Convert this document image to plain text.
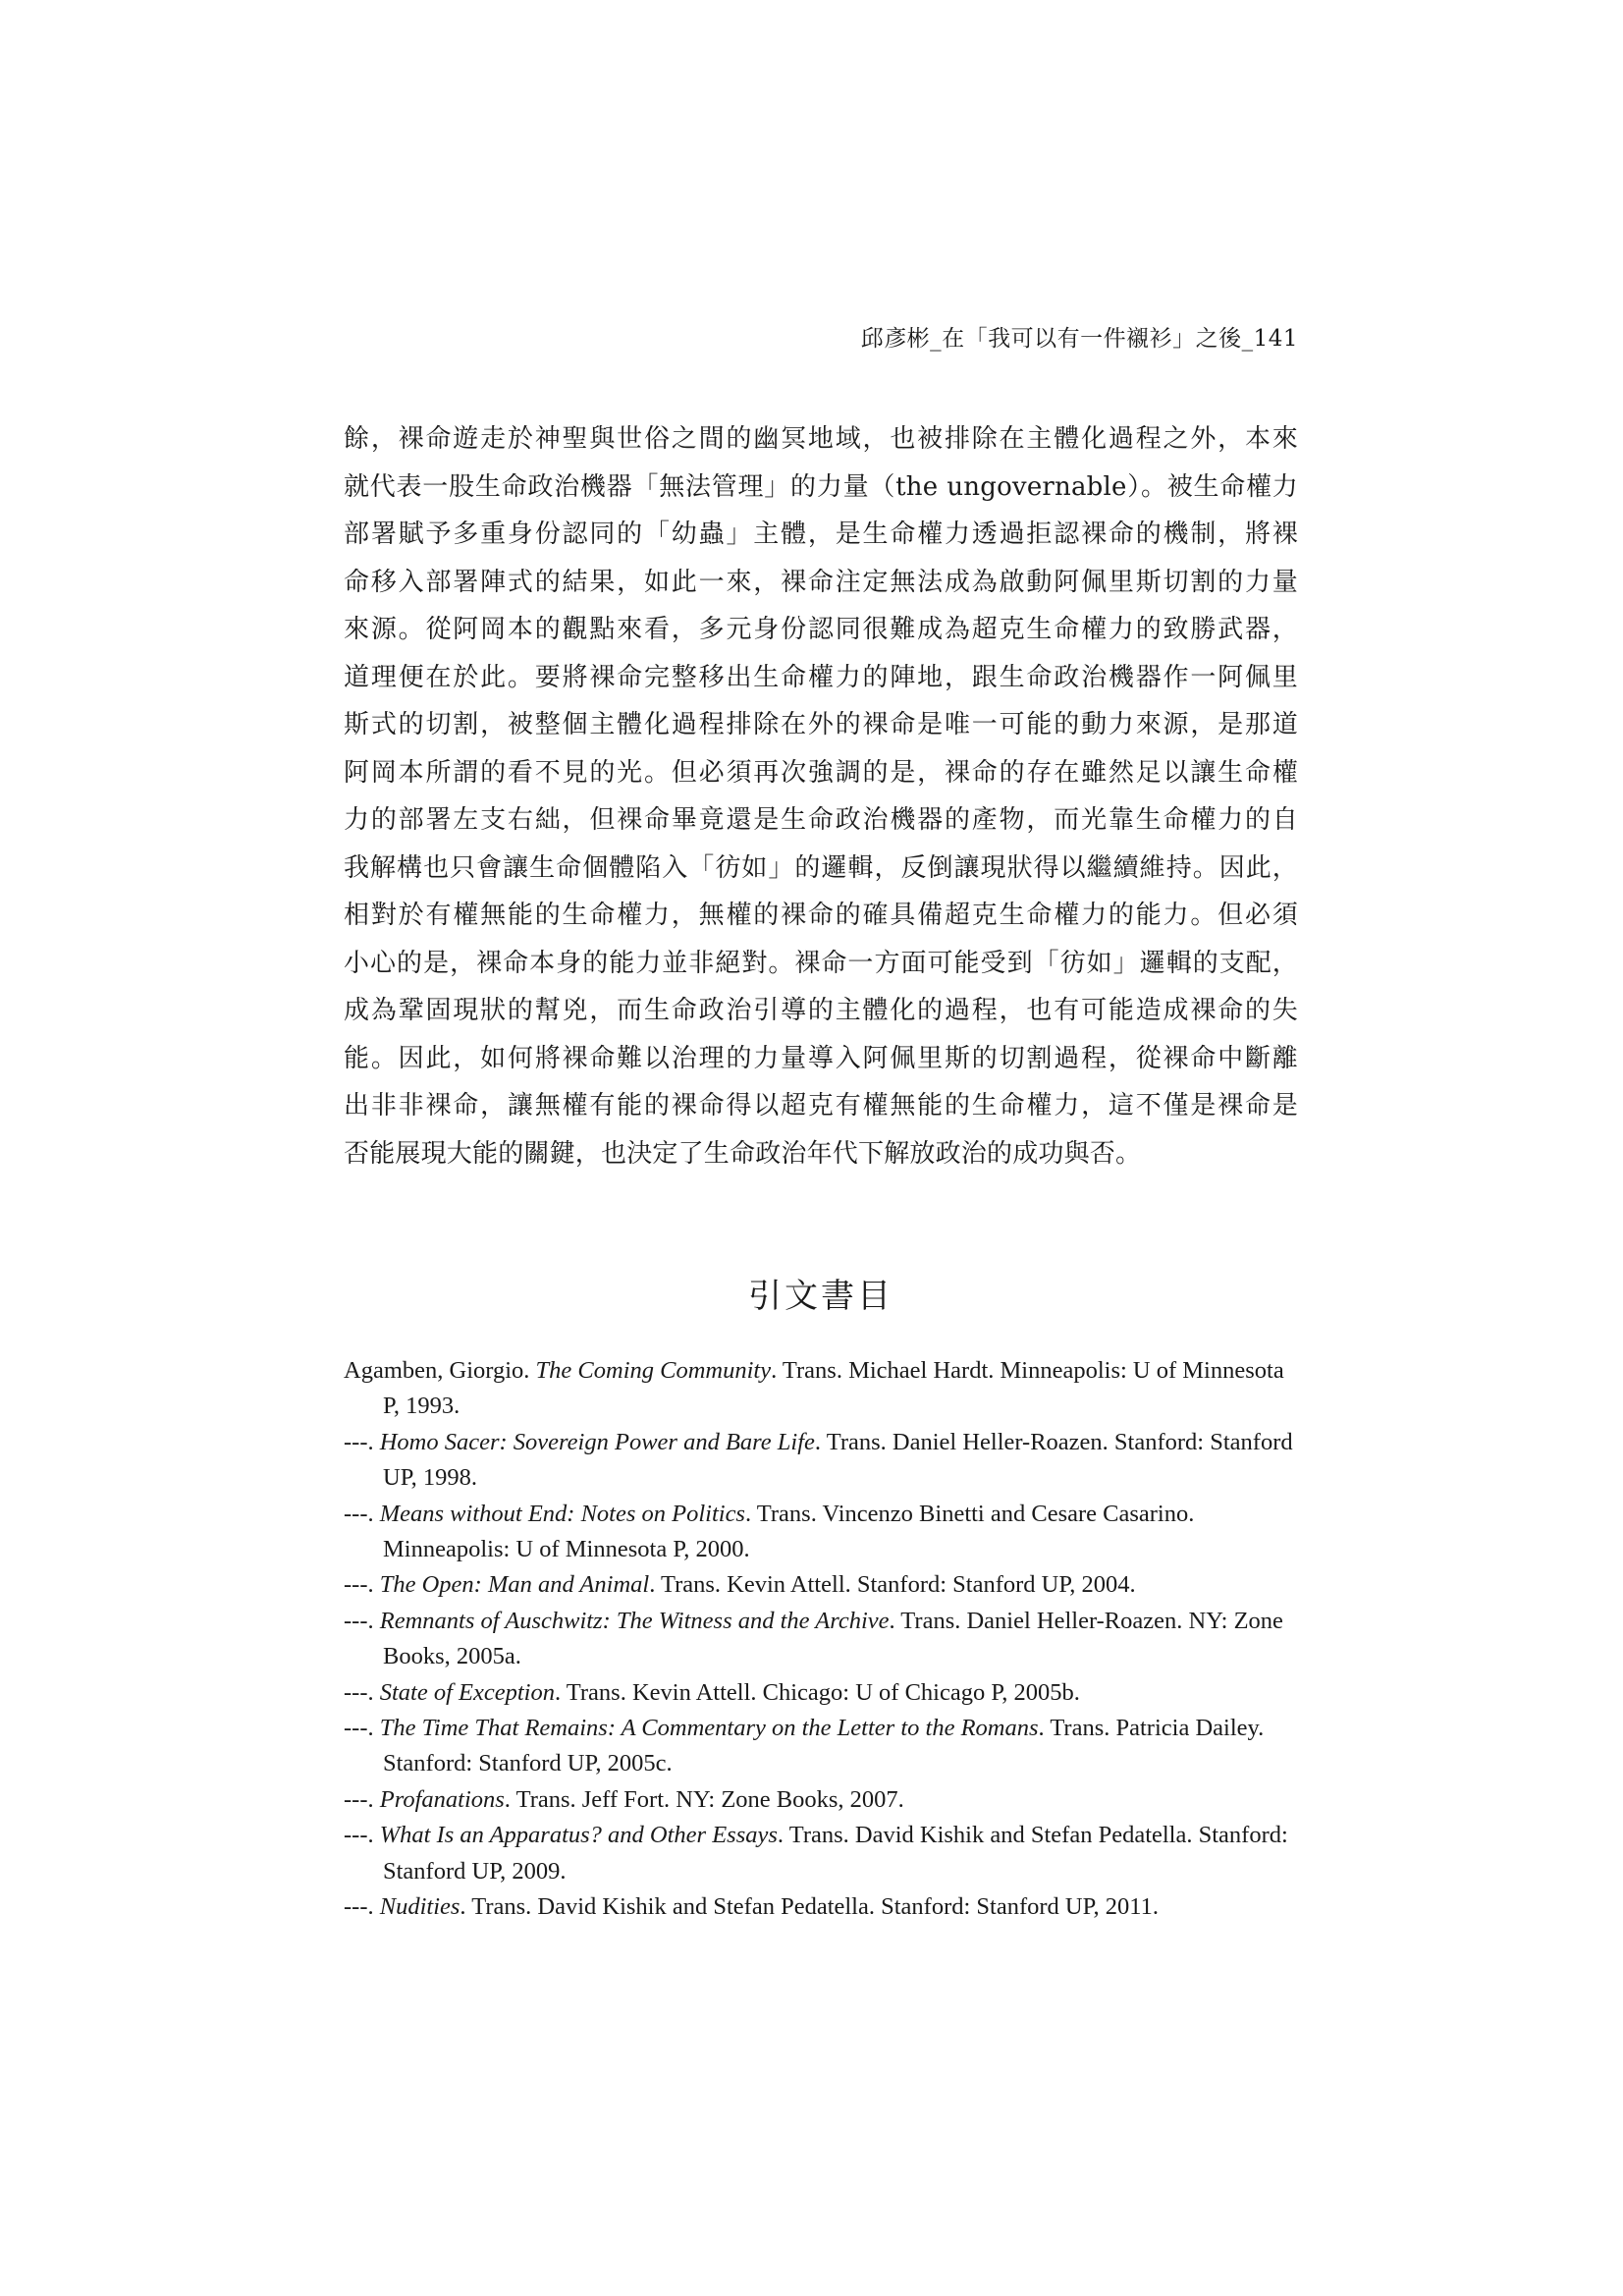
邱彥彬_在「我可以有一件襯衫」之後_141
餘，裸命遊走於神聖與世俗之間的幽冥地域，也被排除在主體化過程之外，本來
就代表一股生命政治機器「無法管理」的力量（the ungovernable）。被生命權力
部署賦予多重身份認同的「幼蟲」主體，是生命權力透過拒認裸命的機制，將裸
命移入部署陣式的結果，如此一來，裸命注定無法成為啟動阿佩里斯切割的力量
來源。從阿岡本的觀點來看，多元身份認同很難成為超克生命權力的致勝武器，
道理便在於此。要將裸命完整移出生命權力的陣地，跟生命政治機器作一阿佩里
斯式的切割，被整個主體化過程排除在外的裸命是唯一可能的動力來源，是那道
阿岡本所謂的看不見的光。但必須再次強調的是，裸命的存在雖然足以讓生命權
力的部署左支右絀，但裸命畢竟還是生命政治機器的產物，而光靠生命權力的自
我解構也只會讓生命個體陷入「彷如」的邏輯，反倒讓現狀得以繼續維持。因此，
相對於有權無能的生命權力，無權的裸命的確具備超克生命權力的能力。但必須
小心的是，裸命本身的能力並非絕對。裸命一方面可能受到「彷如」邏輯的支配，
成為鞏固現狀的幫兇，而生命政治引導的主體化的過程，也有可能造成裸命的失
能。因此，如何將裸命難以治理的力量導入阿佩里斯的切割過程，從裸命中斷離
出非非裸命，讓無權有能的裸命得以超克有權無能的生命權力，這不僅是裸命是
否能展現大能的關鍵，也決定了生命政治年代下解放政治的成功與否。
引文書目
Agamben, Giorgio. The Coming Community. Trans. Michael Hardt. Minneapolis: U of Minnesota P, 1993.
---. Homo Sacer: Sovereign Power and Bare Life. Trans. Daniel Heller-Roazen. Stanford: Stanford UP, 1998.
---. Means without End: Notes on Politics. Trans. Vincenzo Binetti and Cesare Casarino. Minneapolis: U of Minnesota P, 2000.
---. The Open: Man and Animal. Trans. Kevin Attell. Stanford: Stanford UP, 2004.
---. Remnants of Auschwitz: The Witness and the Archive. Trans. Daniel Heller-Roazen. NY: Zone Books, 2005a.
---. State of Exception. Trans. Kevin Attell. Chicago: U of Chicago P, 2005b.
---. The Time That Remains: A Commentary on the Letter to the Romans. Trans. Patricia Dailey. Stanford: Stanford UP, 2005c.
---. Profanations. Trans. Jeff Fort. NY: Zone Books, 2007.
---. What Is an Apparatus? and Other Essays. Trans. David Kishik and Stefan Pedatella. Stanford: Stanford UP, 2009.
---. Nudities. Trans. David Kishik and Stefan Pedatella. Stanford: Stanford UP, 2011.
